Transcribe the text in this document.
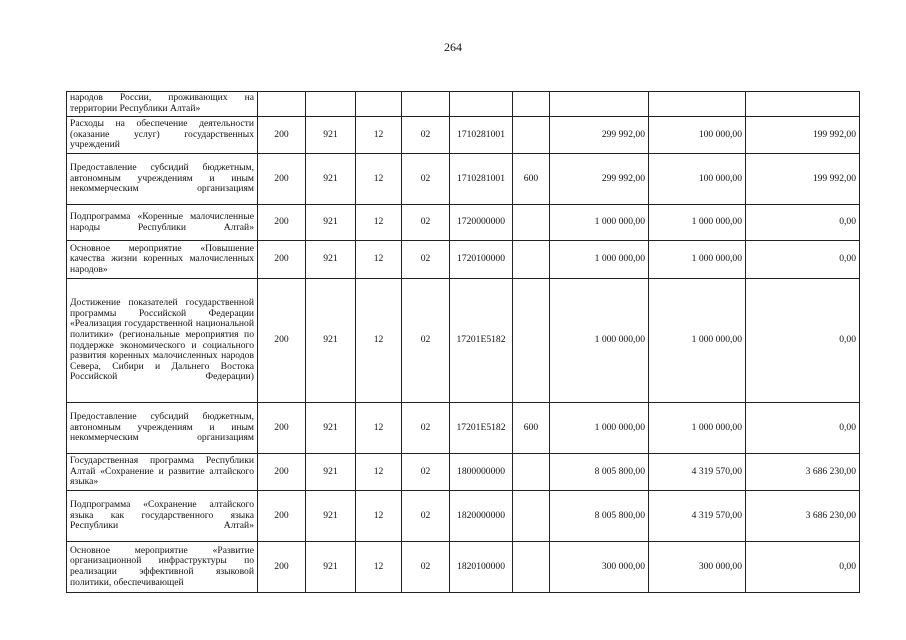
264
народов России, проживающих на территории Республики Алтай»									
Расходы на обеспечение деятельности (оказание услуг) государственных учреждений	200	921	12	02	1710281001		299 992,00	100 000,00	199 992,00
Предоставление субсидий бюджетным, автономным учреждениям и иным некоммерческим организациям	200	921	12	02	1710281001	600	299 992,00	100 000,00	199 992,00
Подпрограмма «Коренные малочисленные народы Республики Алтай»	200	921	12	02	1720000000		1 000 000,00	1 000 000,00	0,00
Основное мероприятие «Повышение качества жизни коренных малочисленных народов»	200	921	12	02	1720100000		1 000 000,00	1 000 000,00	0,00
Достижение показателей государственной программы Российской Федерации «Реализация государственной национальной политики» (региональные мероприятия по поддержке экономического и социального развития коренных малочисленных народов Севера, Сибири и Дальнего Востока Российской Федерации)	200	921	12	02	17201E5182		1 000 000,00	1 000 000,00	0,00
Предоставление субсидий бюджетным, автономным учреждениям и иным некоммерческим организациям	200	921	12	02	17201E5182	600	1 000 000,00	1 000 000,00	0,00
Государственная программа Республики Алтай «Сохранение и развитие алтайского языка»	200	921	12	02	1800000000		8 005 800,00	4 319 570,00	3 686 230,00
Подпрограмма «Сохранение алтайского языка как государственного языка Республики Алтай»	200	921	12	02	1820000000		8 005 800,00	4 319 570,00	3 686 230,00
Основное мероприятие «Развитие организационной инфраструктуры по реализации эффективной языковой политики, обеспечивающей	200	921	12	02	1820100000		300 000,00	300 000,00	0,00
